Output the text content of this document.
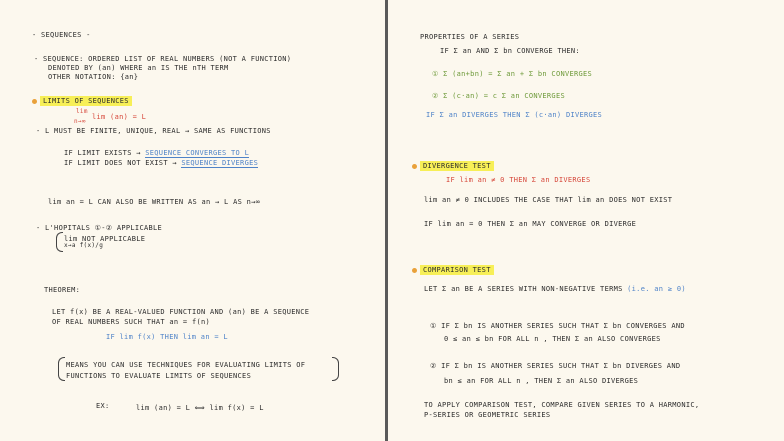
- SEQUENCES -
- SEQUENCE: ORDERED LIST OF REAL NUMBERS (NOT A FUNCTION)
DENOTED BY (an) WHERE an IS THE nTH TERM
OTHER NOTATION: {an}
LIMITS OF SEQUENCES
lim
lim (an) = L
n→∞
- L MUST BE FINITE, UNIQUE, REAL → SAME AS FUNCTIONS
IF LIMIT EXISTS → SEQUENCE CONVERGES TO L
IF LIMIT DOES NOT EXIST → SEQUENCE DIVERGES
lim an = L CAN ALSO BE WRITTEN AS an → L AS n→∞
- L'HOPITALS ①-② APPLICABLE
lim NOT APPLICABLE
x→a f(x)/g
THEOREM:
LET f(x) BE A REAL-VALUED FUNCTION AND (an) BE A SEQUENCE
OF REAL NUMBERS SUCH THAT an = f(n)
IF lim f(x) THEN lim an = L
MEANS YOU CAN USE TECHNIQUES FOR EVALUATING LIMITS OF
FUNCTIONS TO EVALUATE LIMITS OF SEQUENCES
EX:	lim (an) = L ⟺ lim f(x) = L
PROPERTIES OF A SERIES
IF Σ an AND Σ bn CONVERGE THEN:
① Σ (an+bn) = Σ an + Σ bn CONVERGES
② Σ (c·an) = c Σ an CONVERGES
IF Σ an DIVERGES THEN Σ (c·an) DIVERGES
DIVERGENCE TEST
IF lim an ≠ 0 THEN Σ an DIVERGES
lim an ≠ 0 INCLUDES THE CASE THAT lim an DOES NOT EXIST
IF lim an = 0 THEN Σ an MAY CONVERGE OR DIVERGE
COMPARISON TEST
LET Σ an BE A SERIES WITH NON-NEGATIVE TERMS (i.e. an ≥ 0)
① IF Σ bn IS ANOTHER SERIES SUCH THAT Σ bn CONVERGES AND
0 ≤ an ≤ bn FOR ALL n , THEN Σ an ALSO CONVERGES
② IF Σ bn IS ANOTHER SERIES SUCH THAT Σ bn DIVERGES AND
bn ≤ an FOR ALL n , THEN Σ an ALSO DIVERGES
TO APPLY COMPARISON TEST, COMPARE GIVEN SERIES TO A HARMONIC,
P-SERIES OR GEOMETRIC SERIES
